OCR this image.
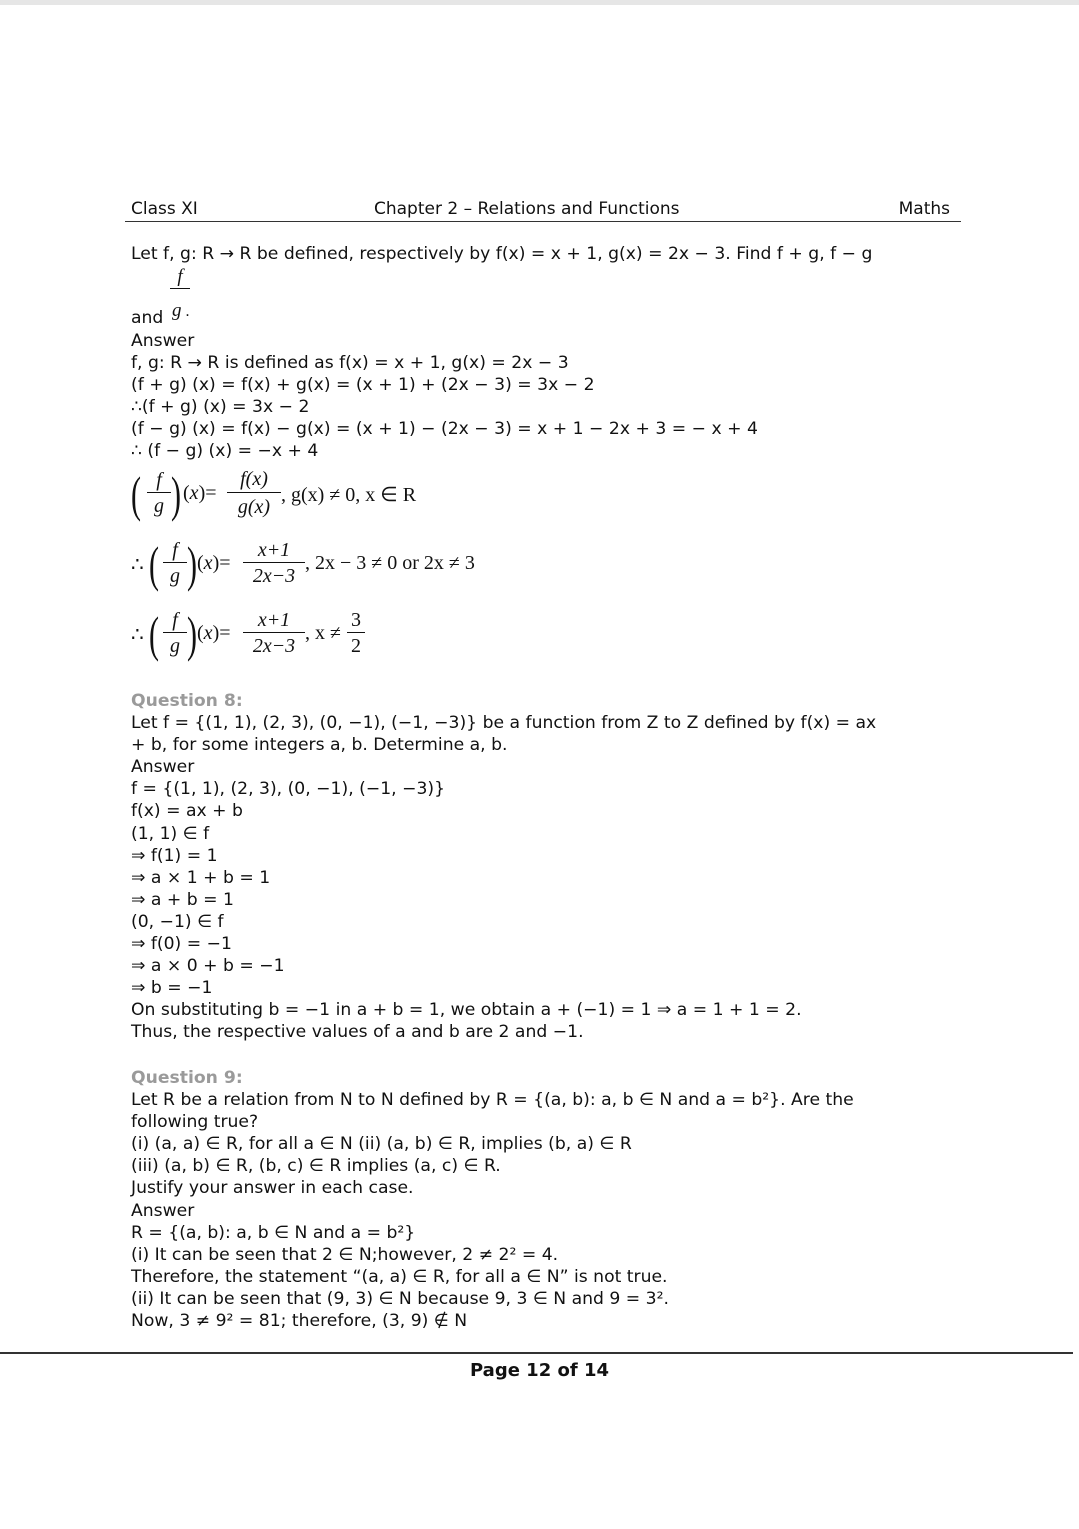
Class XI	Chapter 2 – Relations and Functions	Maths
Let f, g: R → R be defined, respectively by f(x) = x + 1, g(x) = 2x − 3. Find f + g, f − g
f
and g .
Answer
f, g: R → R is defined as f(x) = x + 1, g(x) = 2x − 3
(f + g) (x) = f(x) + g(x) = (x + 1) + (2x − 3) = 3x − 2
∴(f + g) (x) = 3x − 2
(f − g) (x) = f(x) − g(x) = (x + 1) − (2x − 3) = x + 1 − 2x + 3 = − x + 4
∴ (f − g) (x) = −x + 4
( f
g ) $(x)= \frac{f(x)}{g(x)}$ , g(x) ≠ 0, x ∈ R
∴ ( f
g ) $(x)= \frac{x+1}{2x-3}$ , 2x − 3 ≠ 0 or 2x ≠ 3
∴ ( f
g ) $(x)= \frac{x+1}{2x-3}$ , $x \ne \frac{3}{2}$
Question 8:
Let f = {(1, 1), (2, 3), (0, −1), (−1, −3)} be a function from Z to Z defined by f(x) = ax
+ b, for some integers a, b. Determine a, b.
Answer
f = {(1, 1), (2, 3), (0, −1), (−1, −3)}
f(x) = ax + b
(1, 1) ∈ f
⇒ f(1) = 1
⇒ a × 1 + b = 1
⇒ a + b = 1
(0, −1) ∈ f
⇒ f(0) = −1
⇒ a × 0 + b = −1
⇒ b = −1
On substituting b = −1 in a + b = 1, we obtain a + (−1) = 1 ⇒ a = 1 + 1 = 2.
Thus, the respective values of a and b are 2 and −1.
Question 9:
Let R be a relation from N to N defined by R = {(a, b): a, b ∈ N and a = b²}. Are the
following true?
(i) (a, a) ∈ R, for all a ∈ N (ii) (a, b) ∈ R, implies (b, a) ∈ R
(iii) (a, b) ∈ R, (b, c) ∈ R implies (a, c) ∈ R.
Justify your answer in each case.
Answer
R = {(a, b): a, b ∈ N and a = b²}
(i) It can be seen that 2 ∈ N;however, 2 ≠ 2² = 4.
Therefore, the statement “(a, a) ∈ R, for all a ∈ N” is not true.
(ii) It can be seen that (9, 3) ∈ N because 9, 3 ∈ N and 9 = 3².
Now, 3 ≠ 9² = 81; therefore, (3, 9) ∉ N
Page 12 of 14
